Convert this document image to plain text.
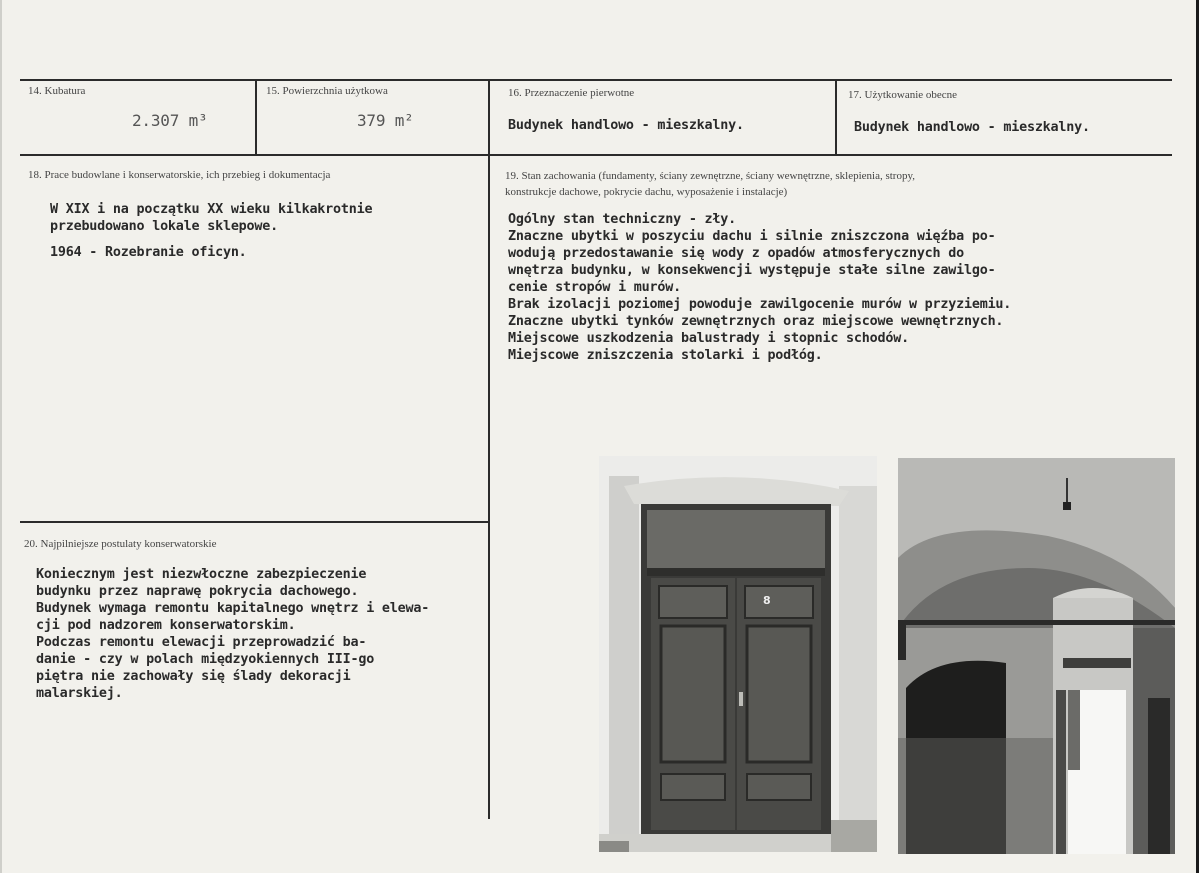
14. Kubatura
2.307 m³
15. Powierzchnia użytkowa
379 m²
16. Przeznaczenie pierwotne
Budynek handlowo - mieszkalny.
17. Użytkowanie obecne
Budynek handlowo - mieszkalny.
18. Prace budowlane i konserwatorskie, ich przebieg i dokumentacja
W XIX i na początku XX wieku kilkakrotnie
przebudowano lokale sklepowe.
1964 - Rozebranie oficyn.
19. Stan zachowania (fundamenty, ściany zewnętrzne, ściany wewnętrzne, sklepienia, stropy,
konstrukcje dachowe, pokrycie dachu, wyposażenie i instalacje)
Ogólny stan techniczny - zły.
Znaczne ubytki w poszyciu dachu i silnie zniszczona więźba po-
wodują przedostawanie się wody z opadów atmosferycznych do
wnętrza budynku, w konsekwencji występuje stałe silne zawilgo-
cenie stropów i murów.
Brak izolacji poziomej powoduje zawilgocenie murów w przyziemiu.
Znaczne ubytki tynków zewnętrznych oraz miejscowe wewnętrznych.
Miejscowe uszkodzenia balustrady i stopnic schodów.
Miejscowe zniszczenia stolarki i podłóg.
20. Najpilniejsze postulaty konserwatorskie
Koniecznym jest niezwłoczne zabezpieczenie
budynku przez naprawę pokrycia dachowego.
Budynek wymaga remontu kapitalnego wnętrz i elewa-
cji pod nadzorem konserwatorskim.
Podczas remontu elewacji przeprowadzić ba-
danie - czy w polach międzyokiennych III-go
piętra nie zachowały się ślady dekoracji
malarskiej.
8
